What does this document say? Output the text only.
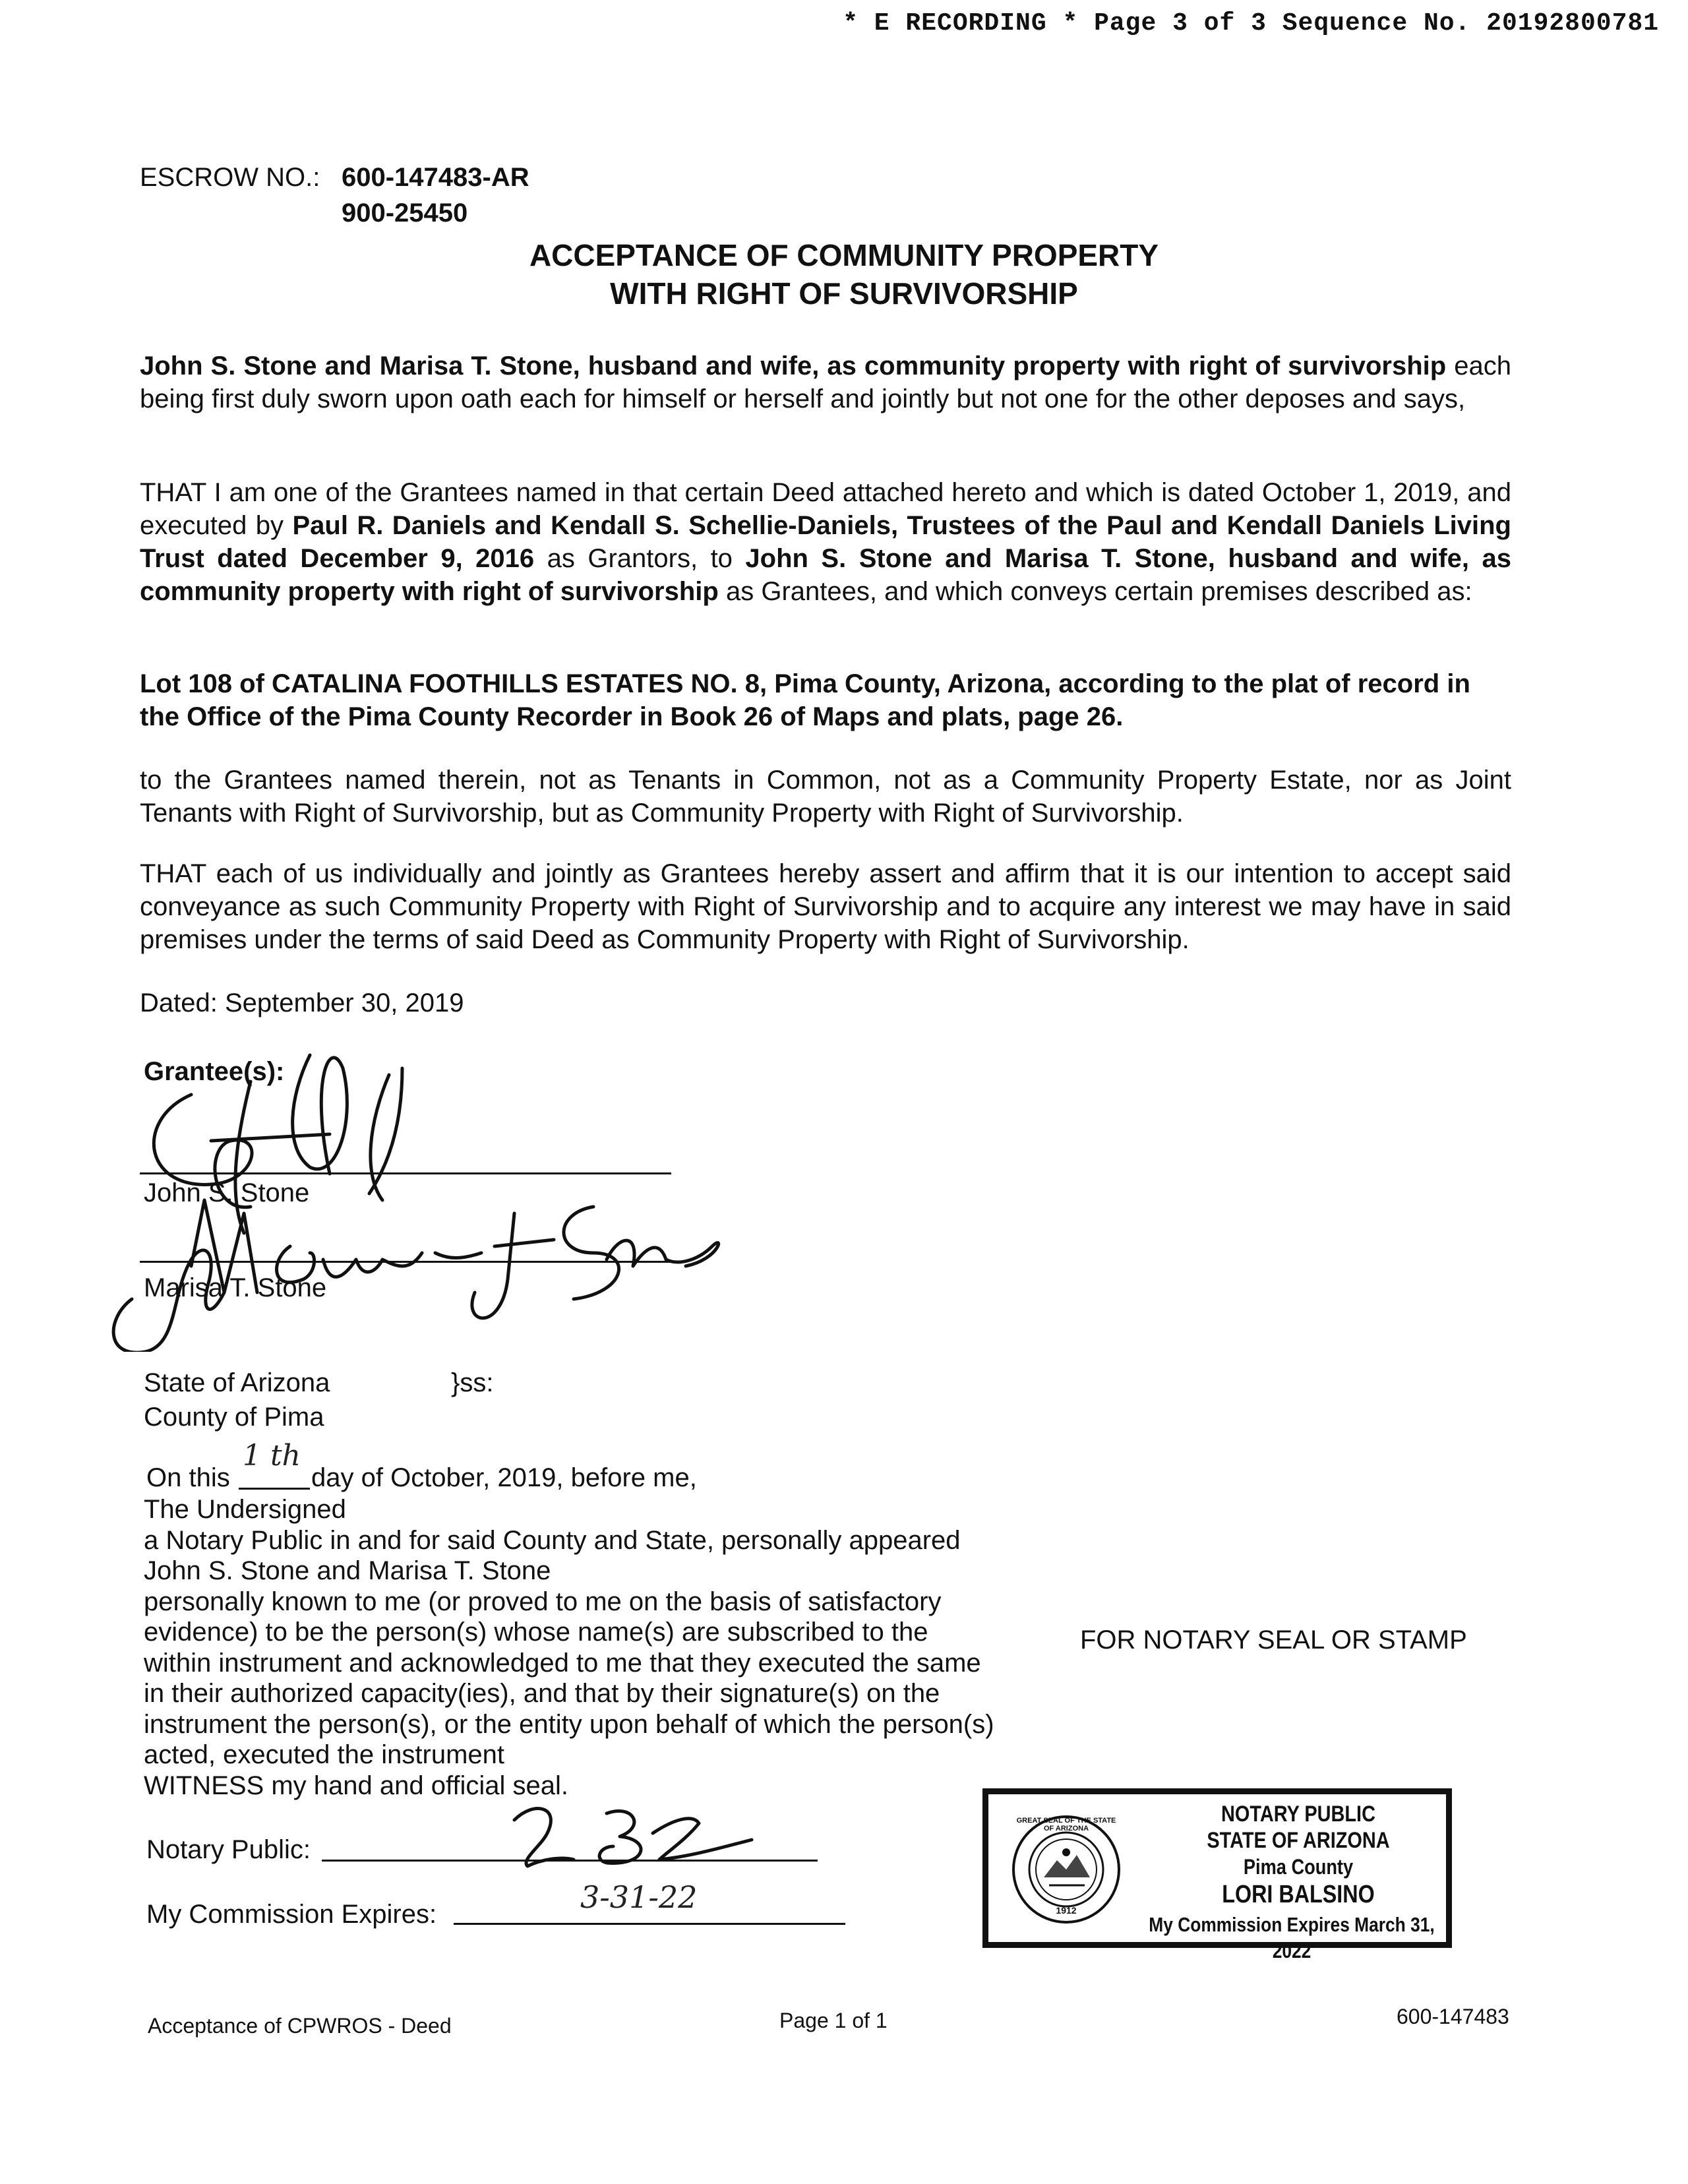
* E RECORDING * Page 3 of 3 Sequence No. 20192800781
ESCROW NO.: 600-147483-AR
900-25450
ACCEPTANCE OF COMMUNITY PROPERTY
WITH RIGHT OF SURVIVORSHIP
John S. Stone and Marisa T. Stone, husband and wife, as community property with right of survivorship each being first duly sworn upon oath each for himself or herself and jointly but not one for the other deposes and says,
THAT I am one of the Grantees named in that certain Deed attached hereto and which is dated October 1, 2019, and executed by Paul R. Daniels and Kendall S. Schellie-Daniels, Trustees of the Paul and Kendall Daniels Living Trust dated December 9, 2016 as Grantors, to John S. Stone and Marisa T. Stone, husband and wife, as community property with right of survivorship as Grantees, and which conveys certain premises described as:
Lot 108 of CATALINA FOOTHILLS ESTATES NO. 8, Pima County, Arizona, according to the plat of record in the Office of the Pima County Recorder in Book 26 of Maps and plats, page 26.
to the Grantees named therein, not as Tenants in Common, not as a Community Property Estate, nor as Joint Tenants with Right of Survivorship, but as Community Property with Right of Survivorship.
THAT each of us individually and jointly as Grantees hereby assert and affirm that it is our intention to accept said conveyance as such Community Property with Right of Survivorship and to acquire any interest we may have in said premises under the terms of said Deed as Community Property with Right of Survivorship.
Dated: September 30, 2019
Grantee(s):
John S. Stone
Marisa T. Stone
State of Arizona	}ss:
County of Pima
On this
1 th
day of October, 2019, before me,
The Undersigned
a Notary Public in and for said County and State, personally appeared
John S. Stone and Marisa T. Stone
personally known to me (or proved to me on the basis of satisfactory
evidence) to be the person(s) whose name(s) are subscribed to the
within instrument and acknowledged to me that they executed the same
in their authorized capacity(ies), and that by their signature(s) on the
instrument the person(s), or the entity upon behalf of which the person(s)
acted, executed the instrument
WITNESS my hand and official seal.
FOR NOTARY SEAL OR STAMP
Notary Public:
My Commission Expires:	3-31-22
GREAT SEAL OF THE STATE OF ARIZONA
1912
NOTARY PUBLIC
STATE OF ARIZONA
Pima County
LORI BALSINO
My Commission Expires March 31, 2022
Acceptance of CPWROS - Deed	Page 1 of 1	600-147483
